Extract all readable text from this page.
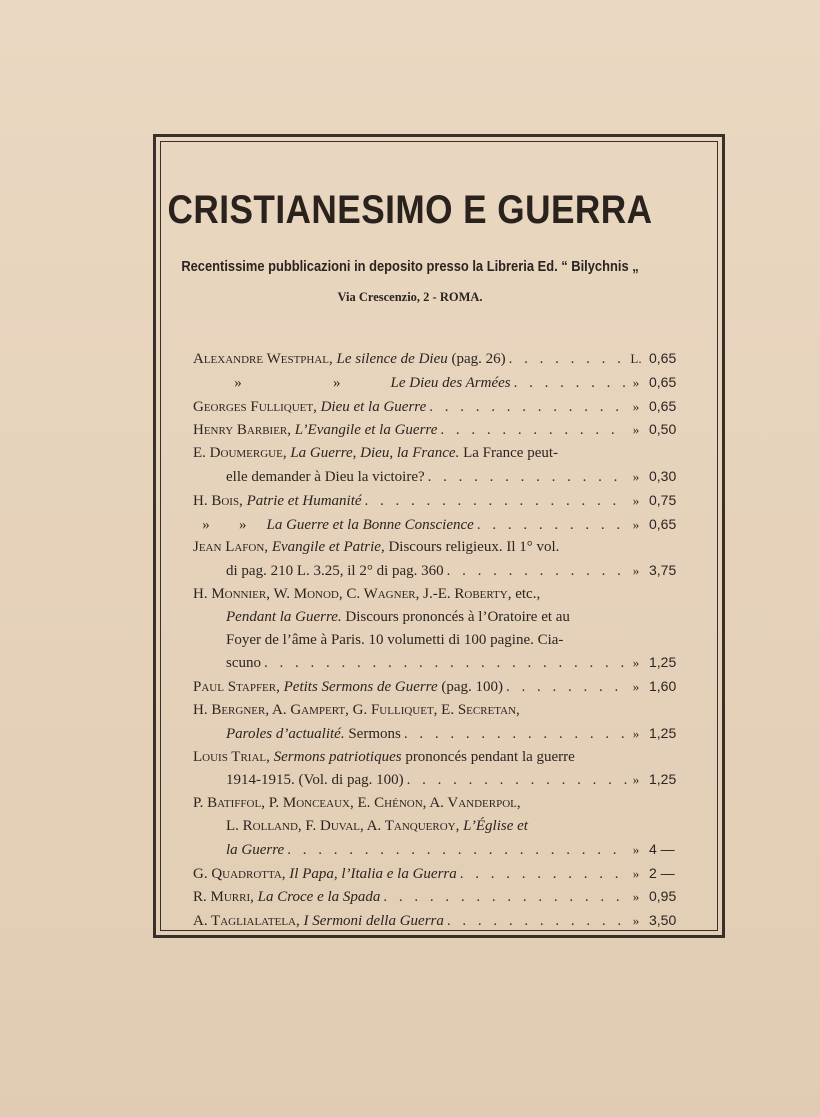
CRISTIANESIMO E GUERRA
Recentissime pubblicazioni in deposito presso la Libreria Ed. “ Bilychnis „
Via Crescenzio, 2 - ROMA.
Alexandre Westphal, Le silence de Dieu (pag. 26) . . .	L. 0,65
»	»	Le Dieu des Armées . . .	» 0,65
Georges Fulliquet, Dieu et la Guerre . . .	» 0,65
Henry Barbier, L’Evangile et la Guerre . . .	» 0,50
E. Doumergue, La Guerre, Dieu, la France. La France peut-
elle demander à Dieu la victoire? . . .	» 0,30
H. Bois, Patrie et Humanité . . .	» 0,75
» » La Guerre et la Bonne Conscience . . .	» 0,65
Jean Lafon, Evangile et Patrie, Discours religieux. Il 1° vol.
di pag. 210 L. 3.25, il 2° di pag. 360 . . .	» 3,75
H. Monnier, W. Monod, C. Wagner, J.-E. Roberty, etc.,
Pendant la Guerre. Discours prononcés à l’Oratoire et au
Foyer de l’âme à Paris. 10 volumetti di 100 pagine. Cia-
scuno . . .	» 1,25
Paul Stapfer, Petits Sermons de Guerre (pag. 100) . . .	» 1,60
H. Bergner, A. Gampert, G. Fulliquet, E. Secretan,
Paroles d’actualité. Sermons . . .	» 1,25
Louis Trial, Sermons patriotiques prononcés pendant la guerre
1914-1915. (Vol. di pag. 100) . . .	» 1,25
P. Batiffol, P. Monceaux, E. Chénon, A. Vanderpol,
L. Rolland, F. Duval, A. Tanqueroy, L’Église et
la Guerre . . .	» 4 —
G. Quadrotta, Il Papa, l’Italia e la Guerra . . .	» 2 —
R. Murri, La Croce e la Spada . . .	» 0,95
A. Taglialatela, I Sermoni della Guerra . . .	» 3,50
